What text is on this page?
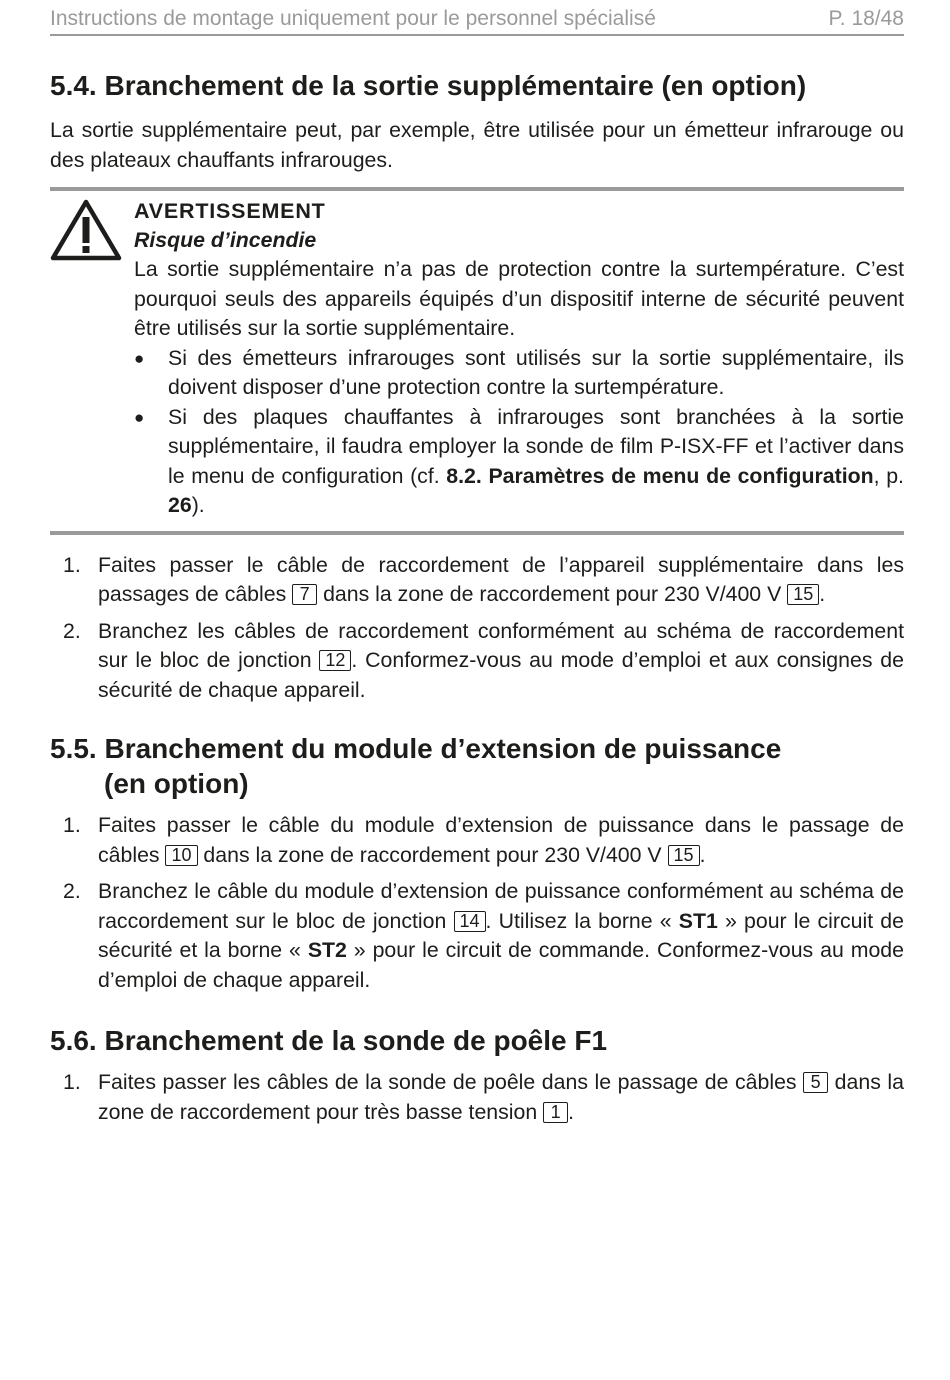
Instructions de montage uniquement pour le personnel spécialisé	P. 18/48
5.4. Branchement de la sortie supplémentaire (en option)

La sortie supplémentaire peut, par exemple, être utilisée pour un émetteur infrarouge ou des plateaux chauffants infrarouges.

AVERTISSEMENT
Risque d’incendie

La sortie supplémentaire n’a pas de protection contre la surtempérature. C’est pourquoi seuls des appareils équipés d’un dispositif interne de sécurité peuvent être utilisés sur la sortie supplémentaire.

● Si des émetteurs infrarouges sont utilisés sur la sortie supplémentaire, ils doivent disposer d’une protection contre la surtempérature.
● Si des plaques chauffantes à infrarouges sont branchées à la sortie supplémentaire, il faudra employer la sonde de film P-ISX-FF et l’activer dans le menu de configuration (cf. 8.2. Paramètres de menu de configuration, p. 26).
1. Faites passer le câble de raccordement de l’appareil supplémentaire dans les passages de câbles 7 dans la zone de raccordement pour 230 V/400 V 15 .
2. Branchez les câbles de raccordement conformément au schéma de raccordement sur le bloc de jonction 12 . Conformez-vous au mode d’emploi et aux consignes de sécurité de chaque appareil.
5.5. Branchement du module d’extension de puissance
(en option)
1. Faites passer le câble du module d’extension de puissance dans le passage de câbles 10 dans la zone de raccordement pour 230 V/400 V 15 .
2. Branchez le câble du module d’extension de puissance conformément au schéma de raccordement sur le bloc de jonction 14 . Utilisez la borne « ST1 » pour le circuit de sécurité et la borne « ST2 » pour le circuit de commande. Conformez-vous au mode d’emploi de chaque appareil.
5.6. Branchement de la sonde de poêle F1
1. Faites passer les câbles de la sonde de poêle dans le passage de câbles 5 dans la zone de raccordement pour très basse tension 1 .
